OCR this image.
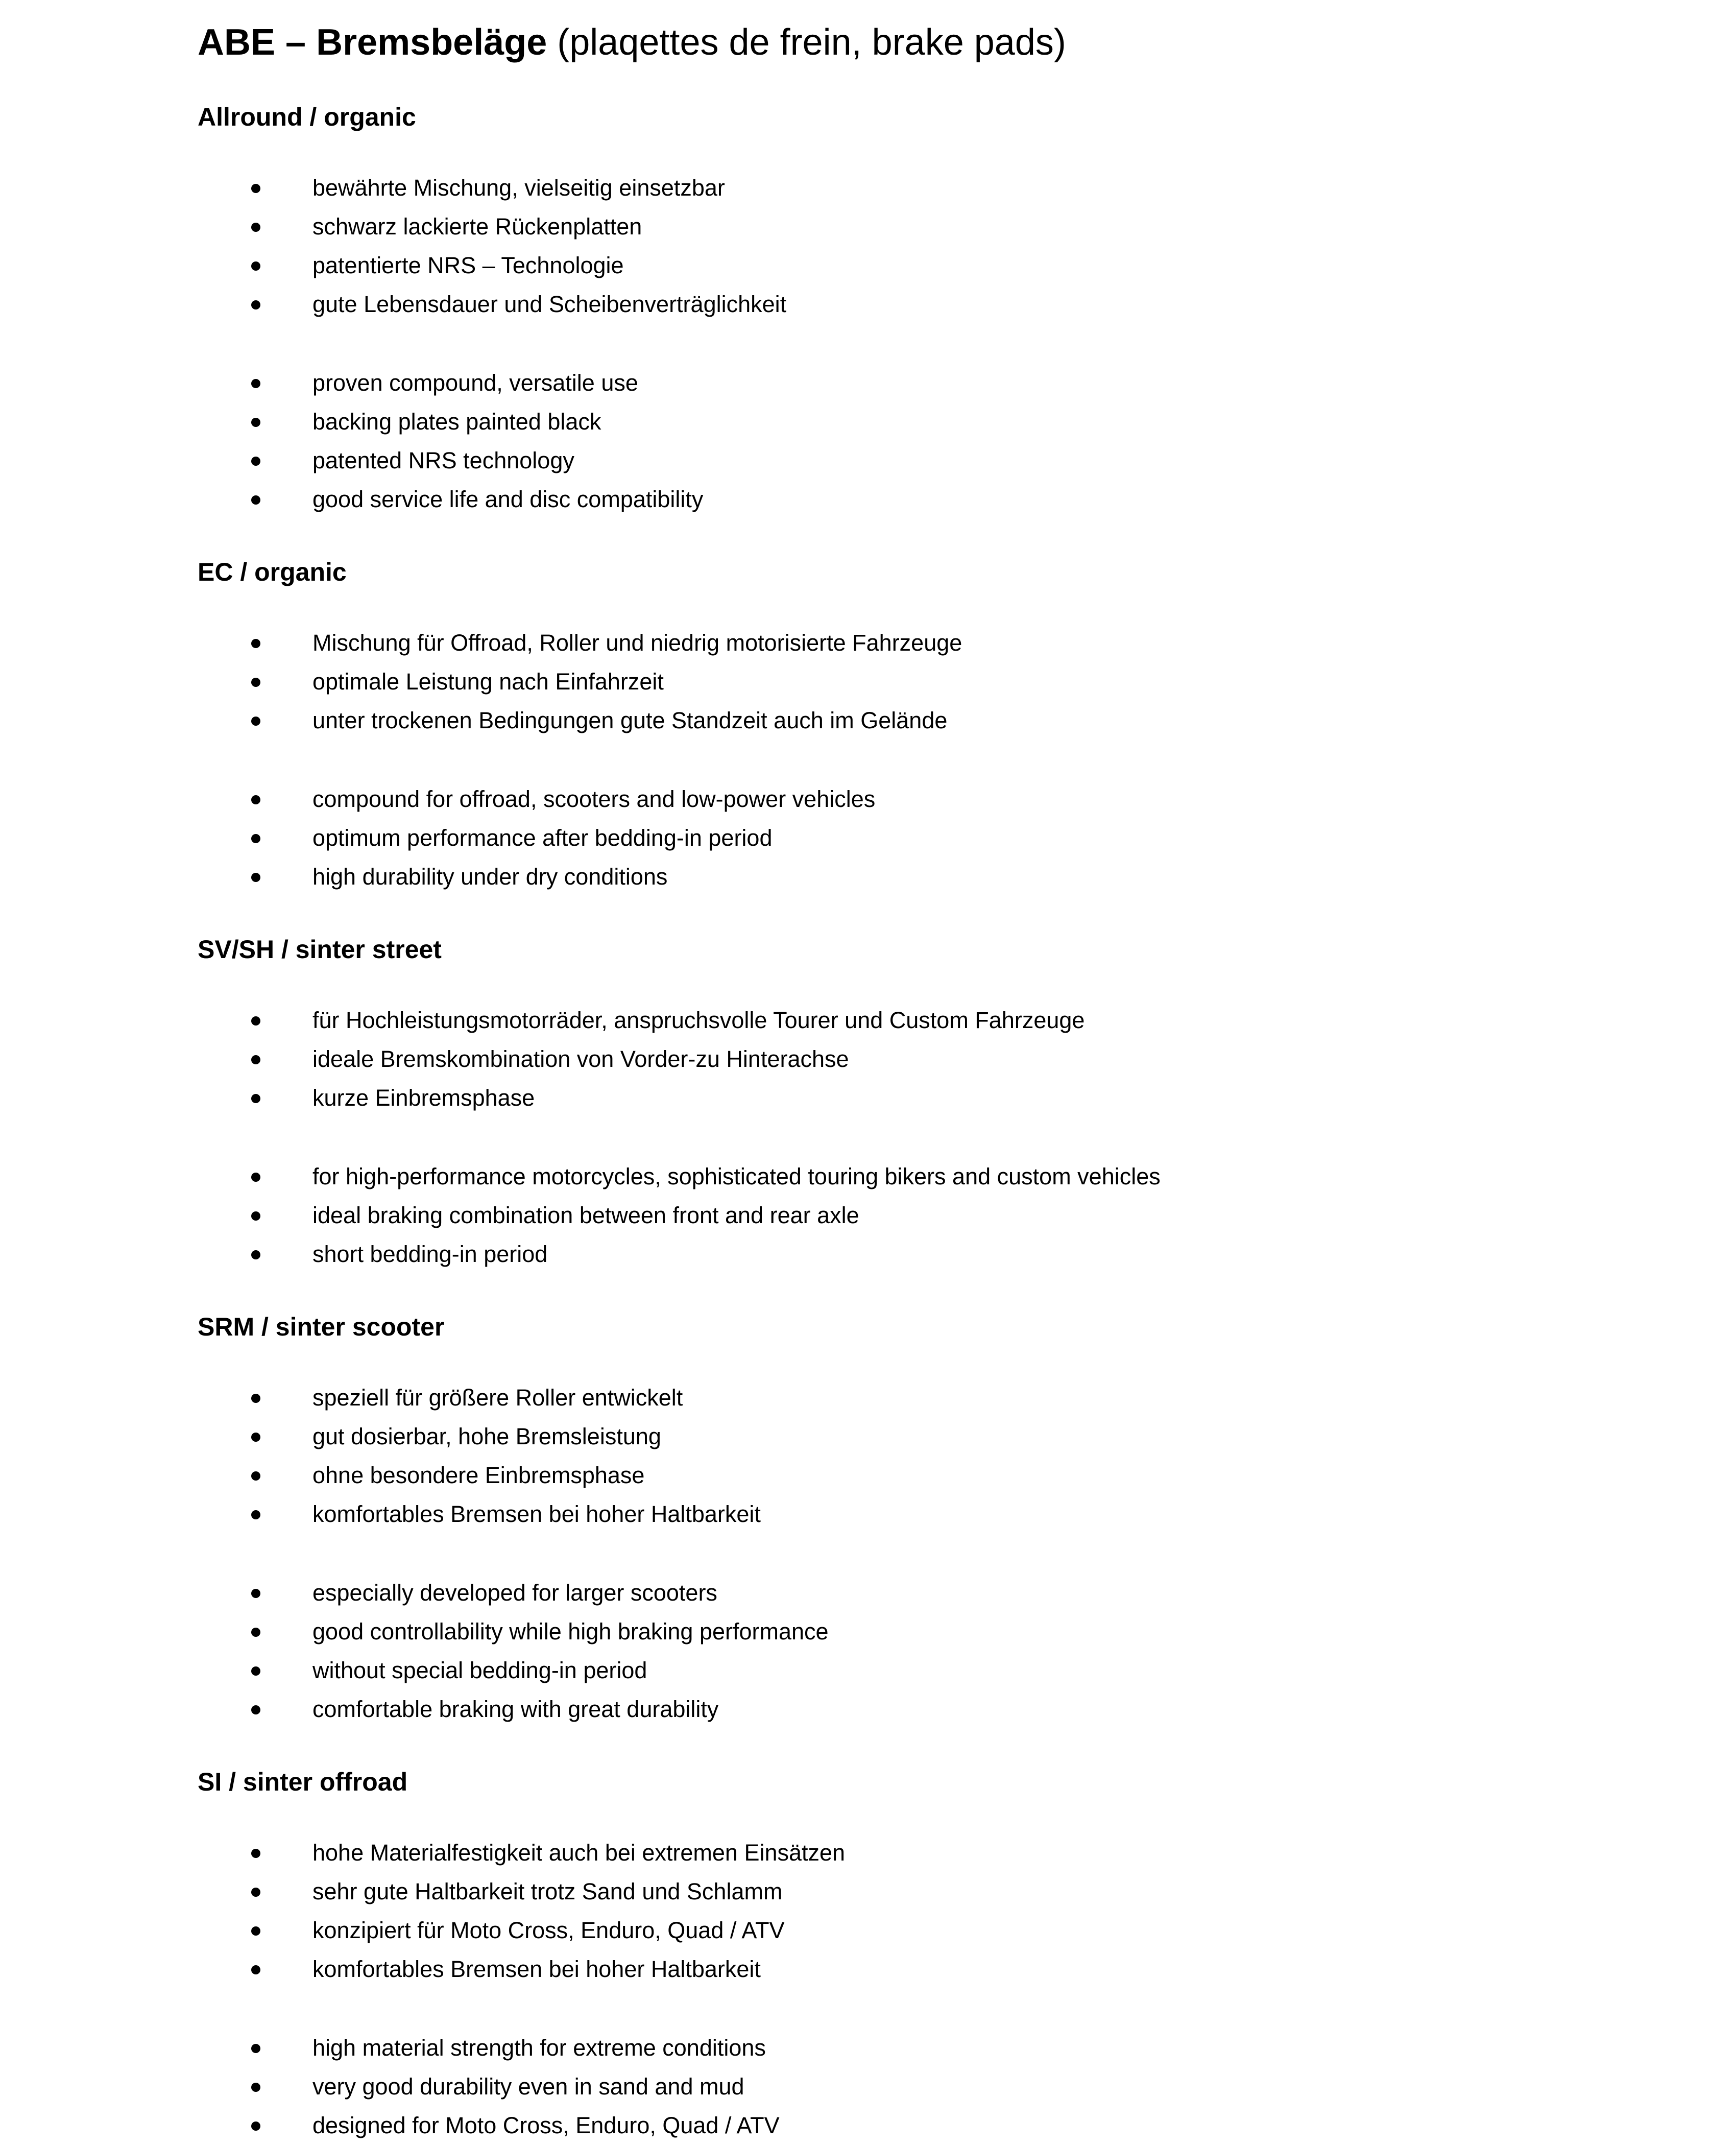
ABE – Bremsbeläge (plaqettes de frein, brake pads)
Allround / organic
bewährte Mischung, vielseitig einsetzbar
schwarz lackierte Rückenplatten
patentierte NRS – Technologie
gute Lebensdauer und Scheibenverträglichkeit
proven compound, versatile use
backing plates painted black
patented NRS technology
good service life and disc compatibility
EC / organic
Mischung für Offroad, Roller und niedrig motorisierte Fahrzeuge
optimale Leistung nach Einfahrzeit
unter trockenen Bedingungen gute Standzeit auch im Gelände
compound for offroad, scooters and low-power vehicles
optimum performance after bedding-in period
high durability under dry conditions
SV/SH / sinter street
für Hochleistungsmotorräder, anspruchsvolle Tourer und Custom Fahrzeuge
ideale Bremskombination von Vorder-zu Hinterachse
kurze Einbremsphase
for high-performance motorcycles, sophisticated touring bikers and custom vehicles
ideal braking combination between front and rear axle
short bedding-in period
SRM / sinter scooter
speziell für größere Roller entwickelt
gut dosierbar, hohe Bremsleistung
ohne besondere Einbremsphase
komfortables Bremsen bei hoher Haltbarkeit
especially developed for larger scooters
good controllability while high braking performance
without special bedding-in period
comfortable braking with great durability
SI / sinter offroad
hohe Materialfestigkeit auch bei extremen Einsätzen
sehr gute Haltbarkeit trotz Sand und Schlamm
konzipiert für Moto Cross, Enduro, Quad / ATV
komfortables Bremsen bei hoher Haltbarkeit
high material strength for extreme conditions
very good durability even in sand and mud
designed for Moto Cross, Enduro, Quad / ATV
